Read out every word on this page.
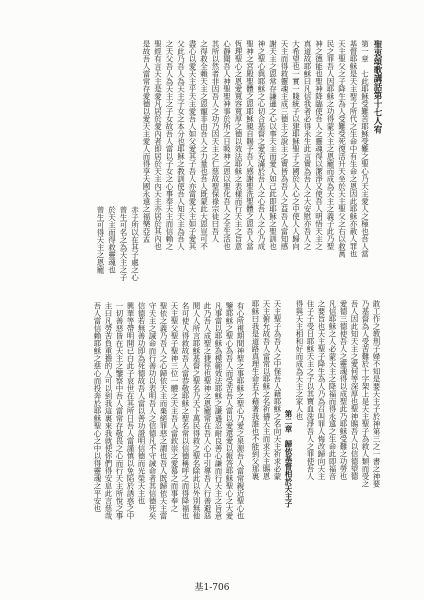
聖衷頌歌講話第十七人宥
第一章　七此耶穌受難苦耶穌受難之聖心乃天主愛人之極也吾人當
基督耶穌是天主聖子所代之生命中有生命之恩因此耶穌亦赦人罪也
天主聖父之子降生為人受難受死復活升天坐於天主聖父之右以救萬
民之罪吾人因耶穌之功得蒙天主之恩寵而成為天主之義子此乃聖
神之德能也聖神降臨使吾人之靈魂得以潔淨又使吾人明悟天主之
真道故耶穌曰凡信我者必得永生此言實為吾人之大安慰亦吾人之
大希望也一實一賤統子以建耶穌聖子之國於人心之中使人人歸向
天主而得救靈魂主成三德主之說主之實皆為吾人之益吾人當知感
謝天主之恩常存謙遜之心以事天主而愛人如己此即耶穌之聖訓也
神之聖心與耶穌之心切合基督之愛充滿於吾人之心吾人之心乃成
聖神之宮殿聖體之恩耶穌親自賜予吾人感謝聖洗聖體之恩吾人當
恆理聖心之恩愛寬容寬厚之德以效法耶穌之表樣而行天主之旨意
心靜聞吾人神聖聖神事於所之日吸神之恩以聖化吾人之全生活也
其所以然者非因吾人之功乃因天主之仁慈故聖保祿宗徒曰吾人
之得救全賴天主之恩寵非由吾人之力量也吾人既蒙此大恩豈可不
盡心以愛天主乎天主愛吾人如父愛其子吾人亦當愛天主如子愛其
父此乃吾人為天主子女之本分也耶穌之教訓使吾人知天主為吾人
之天父吾人為天主之子女故吾人當以子女之心事奉天主而信賴之
聖經有言天主是愛凡居於愛內者即居於天主內天主亦居於其內也
是故吾人當常存愛德以愛天主愛人而得享天國永遠之福樂亞孟
赤子所以在其子處之心
曾生可名之為天主之子
於天主而得救靈魂也
曾生可得天主之恩寵
敢工作之教刑子婦不知是要天主子於神第三之一書之神要
乃基督為人受苦難於十字架上是天主聖子為救人類而受之
吾人因此知天主之愛何等深厚也聖神賜吾人以信德望德
愛德三德使吾人之靈魂得以成聖此乃耶穌受難之功勞也
凡信耶穌之人必蒙天主之降福而得永遠之生命此即福音
之要旨也天主聖子降生為人乃為召叫罪人悔改歸向天主
住子子受日耶穌天主之子以其寶血洗淨吾人之罪使吾人
得與天主相和好而成為天主之家人也
第二章　歸依基督相於天主子
天主聖子為吾人之中保吾人藉耶穌之名向天主祈求必蒙
天主俯允故吾人當常以耶穌之名祈禱天主而求天主賜恩
耶穌曰我是道路真理生命若不藉著我誰也不能到父那裏
有心所視期間神聖之事耶穌之聖心乃愛之泉源吾人當常親近聖心也
鑒耶穌之聖心為吾人而受苦吾人當以愛還愛以報答耶穌聖心之大愛
凡事當以耶穌為模範效法耶穌之謙遜忍耐良善心謙而行天主之旨意
此乃吾人成聖之捷徑也聖神之恩寵常在吾人心中引導吾人行善避惡
閱人人所言耶穌基督之聖名乃天下萬民得救之聖名除此以外別無他
名可使人得救故吾人當恭敬耶穌之聖名常以信德稱呼之而得降福也
天主聖父聖子聖神三位一體之天主吾人當欽崇之愛慕之而事奉之
聖依之義乃吾人之心歸依天主而棄絕罪惡之謂也吾人既歸依天主當
守天主之誡命而行善功以表明吾人之信德凡不守誡命者其信德死矣
信德若無善功即為死德故吾人當以善功證明信德而光榮天主也
興華等帶明開已白此子哀世在其所日吾人當謹慎以免陷於誘惑之中
一切善惡皆在天主之鑒察中吾人當常存敬畏之心而行天主所悅之事
主曰凡勞苦負重擔的人可以到我這裏來我就使你們得安息此言慈哉
吾人當信賴耶穌之慈心而投奔於耶穌聖心之中以得靈魂之平安也
基1-706
